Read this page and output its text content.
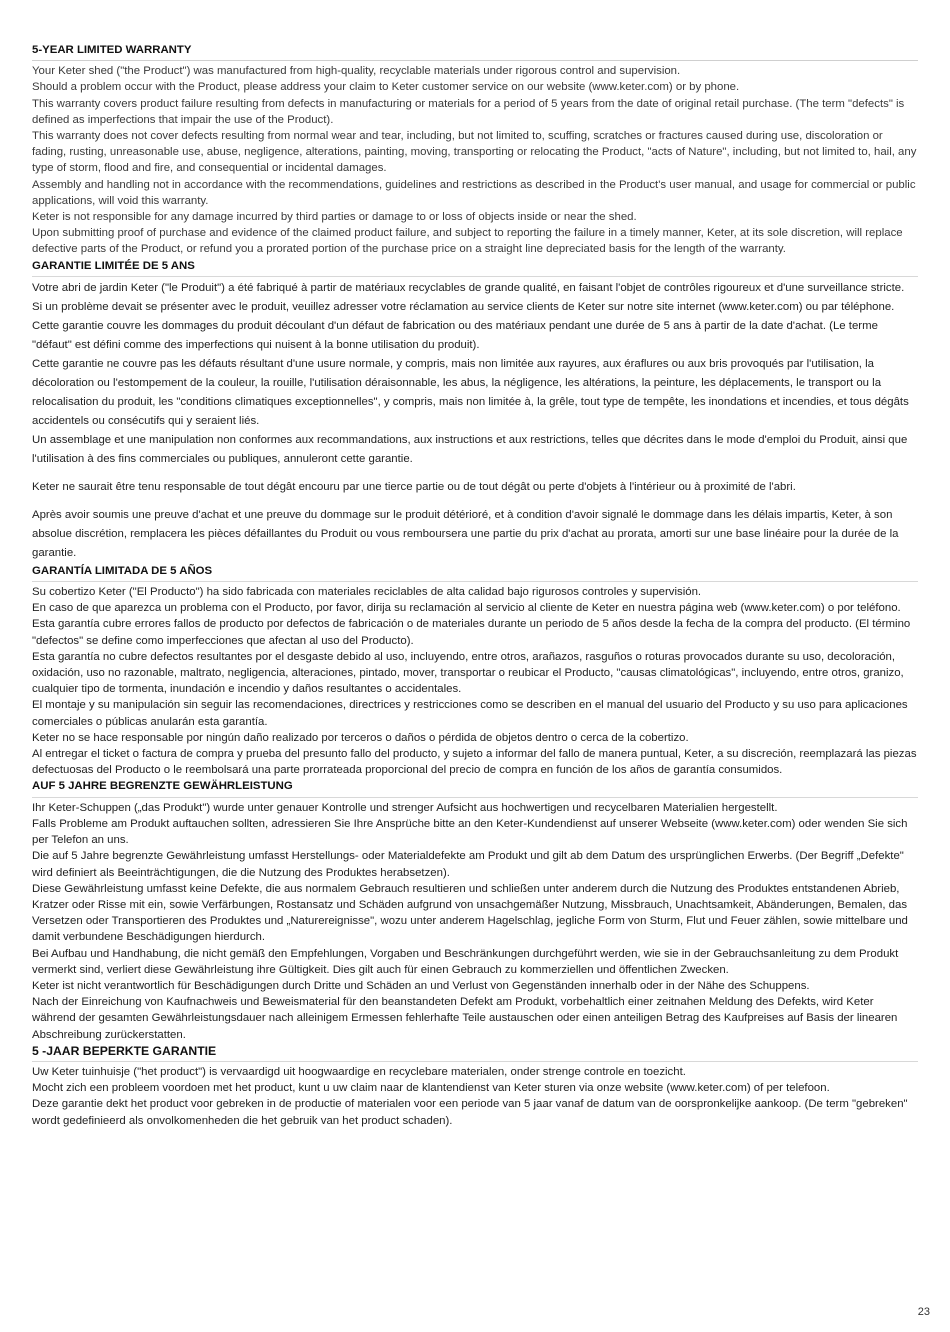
5-YEAR LIMITED WARRANTY

Your Keter shed ("the Product") was manufactured from high-quality, recyclable materials under rigorous control and supervision.

Should a problem occur with the Product, please address your claim to Keter customer service on our website (www.keter.com) or by phone.

This warranty covers product failure resulting from defects in manufacturing or materials for a period of 5 years from the date of original retail purchase. (The term "defects" is defined as imperfections that impair the use of the Product).

This warranty does not cover defects resulting from normal wear and tear, including, but not limited to, scuffing, scratches or fractures caused during use, discoloration or fading, rusting, unreasonable use, abuse, negligence, alterations, painting, moving, transporting or relocating the Product, "acts of Nature", including, but not limited to, hail, any type of storm, flood and fire, and consequential or incidental damages.

Assembly and handling not in accordance with the recommendations, guidelines and restrictions as described in the Product's user manual, and usage for commercial or public applications, will void this warranty.

Keter is not responsible for any damage incurred by third parties or damage to or loss of objects inside or near the shed.

Upon submitting proof of purchase and evidence of the claimed product failure, and subject to reporting the failure in a timely manner, Keter, at its sole discretion, will replace defective parts of the Product, or refund you a prorated portion of the purchase price on a straight line depreciated basis for the length of the warranty.

GARANTIE LIMITÉE DE 5 ANS

Votre abri de jardin Keter ("le Produit") a été fabriqué à partir de matériaux recyclables de grande qualité, en faisant l'objet de contrôles rigoureux et d'une surveillance stricte.

Si un problème devait se présenter avec le produit, veuillez adresser votre réclamation au service clients de Keter sur notre site internet (www.keter.com) ou par téléphone.

Cette garantie couvre les dommages du produit découlant d'un défaut de fabrication ou des matériaux pendant une durée de 5 ans à partir de la date d'achat. (Le terme "défaut" est défini comme des imperfections qui nuisent à la bonne utilisation du produit).

Cette garantie ne couvre pas les défauts résultant d'une usure normale, y compris, mais non limitée aux rayures, aux éraflures ou aux bris provoqués par l'utilisation, la décoloration ou l'estompement de la couleur, la rouille, l'utilisation déraisonnable, les abus, la négligence, les altérations, la peinture, les déplacements, le transport ou la relocalisation du produit, les "conditions climatiques exceptionnelles", y compris, mais non limitée à, la grêle, tout type de tempête, les inondations et incendies, et tous dégâts accidentels ou consécutifs qui y seraient liés.

Un assemblage et une manipulation non conformes aux recommandations, aux instructions et aux restrictions, telles que décrites dans le mode d'emploi du Produit, ainsi que l'utilisation à des fins commerciales ou publiques, annuleront cette garantie.

Keter ne saurait être tenu responsable de tout dégât encouru par une tierce partie ou de tout dégât ou perte d'objets à l'intérieur ou à proximité de l'abri.

Après avoir soumis une preuve d'achat et une preuve du dommage sur le produit détérioré, et à condition d'avoir signalé le dommage dans les délais impartis, Keter, à son absolue discrétion, remplacera les pièces défaillantes du Produit ou vous remboursera une partie du prix d'achat au prorata, amorti sur une base linéaire pour la durée de la garantie.

GARANTÍA LIMITADA DE 5 AÑOS

Su cobertizo Keter ("El Producto") ha sido fabricada con materiales reciclables de alta calidad bajo rigurosos controles y supervisión.

En caso de que aparezca un problema con el Producto, por favor, dirija su reclamación al servicio al cliente de Keter en nuestra página web (www.keter.com) o por teléfono.

Esta garantía cubre errores fallos de producto por defectos de fabricación o de materiales durante un periodo de 5 años desde la fecha de la compra del producto. (El término "defectos" se define como imperfecciones que afectan al uso del Producto).

Esta garantía no cubre defectos resultantes por el desgaste debido al uso, incluyendo, entre otros, arañazos, rasguños o roturas provocados durante su uso, decoloración, oxidación, uso no razonable, maltrato, negligencia, alteraciones, pintado, mover, transportar o reubicar el Producto, "causas climatológicas", incluyendo, entre otros, granizo, cualquier tipo de tormenta, inundación e incendio y daños resultantes o accidentales.

El montaje y su manipulación sin seguir las recomendaciones, directrices y restricciones como se describen en el manual del usuario del Producto y su uso para aplicaciones comerciales o públicas anularán esta garantía.

Keter no se hace responsable por ningún daño realizado por terceros o daños o pérdida de objetos dentro o cerca de la cobertizo.

Al entregar el ticket o factura de compra y prueba del presunto fallo del producto, y sujeto a informar del fallo de manera puntual, Keter, a su discreción, reemplazará las piezas defectuosas del Producto o le reembolsará una parte prorrateada proporcional del precio de compra en función de los años de garantía consumidos.

AUF 5 JAHRE BEGRENZTE GEWÄHRLEISTUNG

Ihr Keter-Schuppen („das Produkt") wurde unter genauer Kontrolle und strenger Aufsicht aus hochwertigen und recycelbaren Materialien hergestellt.

Falls Probleme am Produkt auftauchen sollten, adressieren Sie Ihre Ansprüche bitte an den Keter-Kundendienst auf unserer Webseite (www.keter.com) oder wenden Sie sich per Telefon an uns.

Die auf 5 Jahre begrenzte Gewährleistung umfasst Herstellungs- oder Materialdefekte am Produkt und gilt ab dem Datum des ursprünglichen Erwerbs. (Der Begriff „Defekte" wird definiert als Beeinträchtigungen, die die Nutzung des Produktes herabsetzen).

Diese Gewährleistung umfasst keine Defekte, die aus normalem Gebrauch resultieren und schließen unter anderem durch die Nutzung des Produktes entstandenen Abrieb, Kratzer oder Risse mit ein, sowie Verfärbungen, Rostansatz und Schäden aufgrund von unsachgemäßer Nutzung, Missbrauch, Unachtsamkeit, Abänderungen, Bemalen, das Versetzen oder Transportieren des Produktes und „Naturereignisse", wozu unter anderem Hagelschlag, jegliche Form von Sturm, Flut und Feuer zählen, sowie mittelbare und damit verbundene Beschädigungen hierdurch.

Bei Aufbau und Handhabung, die nicht gemäß den Empfehlungen, Vorgaben und Beschränkungen durchgeführt werden, wie sie in der Gebrauchsanleitung zu dem Produkt vermerkt sind, verliert diese Gewährleistung ihre Gültigkeit. Dies gilt auch für einen Gebrauch zu kommerziellen und öffentlichen Zwecken.

Keter ist nicht verantwortlich für Beschädigungen durch Dritte und Schäden an und Verlust von Gegenständen innerhalb oder in der Nähe des Schuppens.

Nach der Einreichung von Kaufnachweis und Beweismaterial für den beanstandeten Defekt am Produkt, vorbehaltlich einer zeitnahen Meldung des Defekts, wird Keter während der gesamten Gewährleistungsdauer nach alleinigem Ermessen fehlerhafte Teile austauschen oder einen anteiligen Betrag des Kaufpreises auf Basis der linearen Abschreibung zurückerstatten.

5 -JAAR BEPERKTE GARANTIE

Uw Keter tuinhuisje ("het product") is vervaardigd uit hoogwaardige en recyclebare materialen, onder strenge controle en toezicht.

Mocht zich een probleem voordoen met het product, kunt u uw claim naar de klantendienst van Keter sturen via onze website (www.keter.com) of per telefoon.

Deze garantie dekt het product voor gebreken in de productie of materialen voor een periode van 5 jaar vanaf de datum van de oorspronkelijke aankoop. (De term "gebreken" wordt gedefinieerd als onvolkomenheden die het gebruik van het product schaden).

23
